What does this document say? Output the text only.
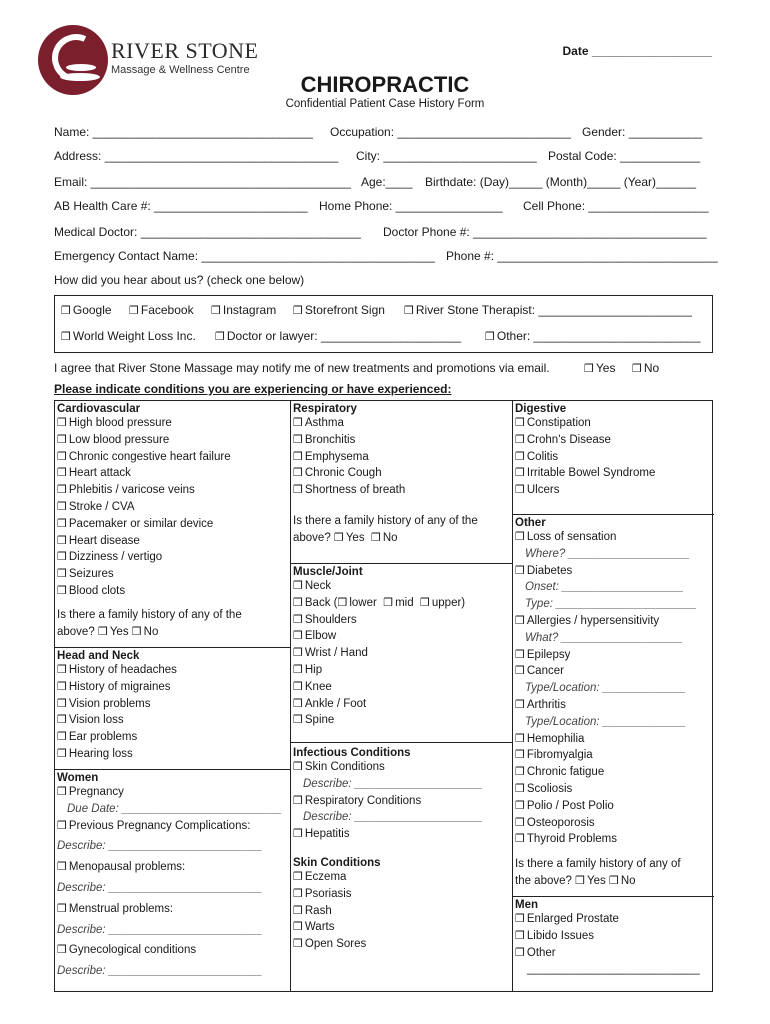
RIVER STONE
Massage & Wellness Centre
Date __________________
CHIROPRACTIC
Confidential Patient Case History Form
Name: _________________________________ Occupation: __________________________ Gender: ___________
Address: ___________________________________ City: _______________________ Postal Code: ____________
Email: _______________________________________ Age:____ Birthdate: (Day)_____ (Month)_____ (Year)______
AB Health Care #: _______________________ Home Phone: ________________ Cell Phone: __________________
Medical Doctor: _________________________________ Doctor Phone #: ___________________________________
Emergency Contact Name: ___________________________________ Phone #: _________________________________
How did you hear about us? (check one below)
❒ Google ❒ Facebook ❒ Instagram ❒ Storefront Sign ❒ River Stone Therapist: _______________________
❒ World Weight Loss Inc. ❒ Doctor or lawyer: _____________________ ❒ Other: _________________________
I agree that River Stone Massage may notify me of new treatments and promotions via email.	❒ Yes ❒ No
Please indicate conditions you are experiencing or have experienced:
Cardiovascular
❒ High blood pressure
❒ Low blood pressure
❒ Chronic congestive heart failure
❒ Heart attack
❒ Phlebitis / varicose veins
❒ Stroke / CVA
❒ Pacemaker or similar device
❒ Heart disease
❒ Dizziness / vertigo
❒ Seizures
❒ Blood clots
Is there a family history of any of the
above? ❒ Yes ❒ No
Head and Neck
❒ History of headaches
❒ History of migraines
❒ Vision problems
❒ Vision loss
❒ Ear problems
❒ Hearing loss
Women
❒ Pregnancy
Due Date: _________________________
❒ Previous Pregnancy Complications:
Describe: ________________________
❒ Menopausal problems:
Describe: ________________________
❒ Menstrual problems:
Describe: ________________________
❒ Gynecological conditions
Describe: ________________________
Respiratory
❒ Asthma
❒ Bronchitis
❒ Emphysema
❒ Chronic Cough
❒ Shortness of breath
Is there a family history of any of the
above? ❒ Yes ❒ No
Muscle/Joint
❒ Neck
❒ Back (❒ lower ❒ mid ❒ upper)
❒ Shoulders
❒ Elbow
❒ Wrist / Hand
❒ Hip
❒ Knee
❒ Ankle / Foot
❒ Spine
Infectious Conditions
❒ Skin Conditions
Describe: ____________________
❒ Respiratory Conditions
Describe: ____________________
❒ Hepatitis
Skin Conditions
❒ Eczema
❒ Psoriasis
❒ Rash
❒ Warts
❒ Open Sores
Digestive
❒ Constipation
❒ Crohn's Disease
❒ Colitis
❒ Irritable Bowel Syndrome
❒ Ulcers
Other
❒ Loss of sensation
Where? ___________________
❒ Diabetes
Onset: ___________________
Type: ______________________
❒ Allergies / hypersensitivity
What? ___________________
❒ Epilepsy
❒ Cancer
Type/Location: _____________
❒ Arthritis
Type/Location: _____________
❒ Hemophilia
❒ Fibromyalgia
❒ Chronic fatigue
❒ Scoliosis
❒ Polio / Post Polio
❒ Osteoporosis
❒ Thyroid Problems
Is there a family history of any of
the above? ❒ Yes ❒ No
Men
❒ Enlarged Prostate
❒ Libido Issues
❒ Other
___________________________
